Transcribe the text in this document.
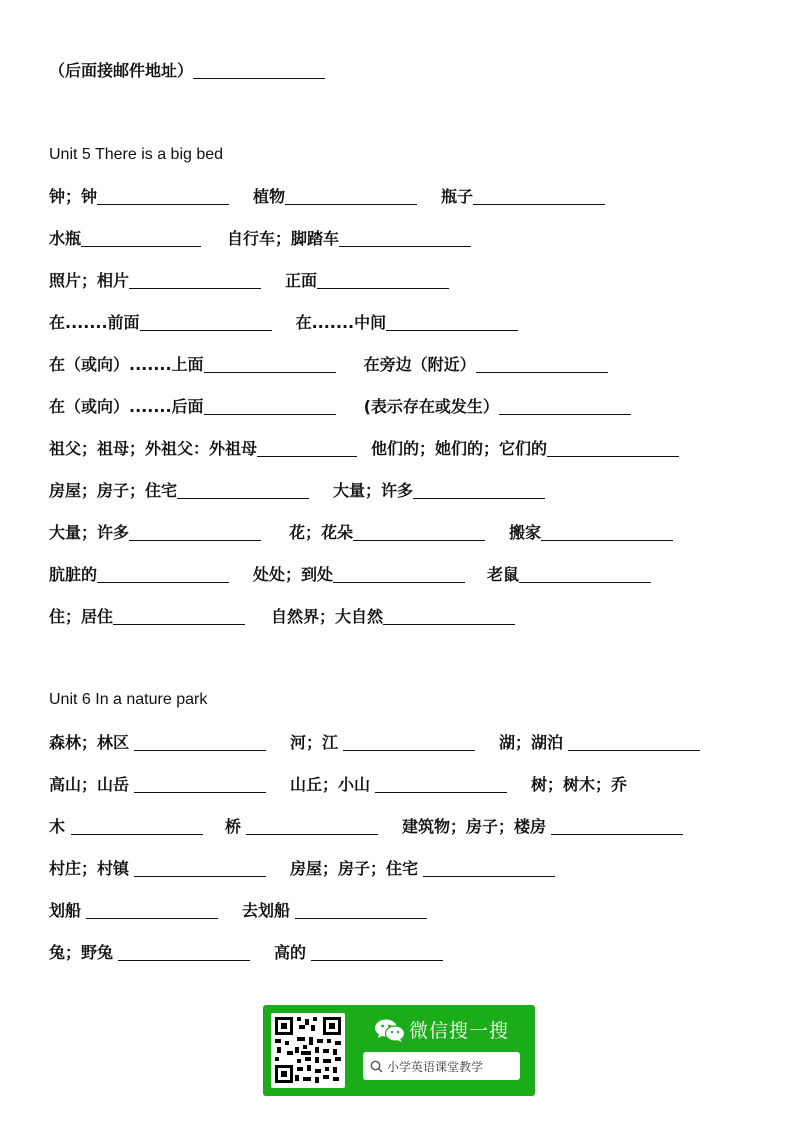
（后面接邮件地址）
Unit 5 There is a big bed
钟；钟	植物	瓶子
水瓶	自行车；脚踏车
照片；相片	正面
在.......前面	在.......中间
在（或向）.......上面	在旁边（附近）
在（或向）.......后面	(表示存在或发生）
祖父；祖母；外祖父：外祖母	他们的；她们的；它们的
房屋；房子；住宅	大量；许多
大量；许多	花；花朵	搬家
肮脏的	处处；到处	老鼠
住；居住	自然界；大自然
Unit 6 In a nature park
森林；林区	河；江	湖；湖泊
高山；山岳	山丘；小山	树；树木；乔
木	桥	建筑物；房子；楼房
村庄；村镇	房屋；房子；住宅
划船	去划船
兔；野兔	高的
微信搜一搜
小学英语课堂教学
